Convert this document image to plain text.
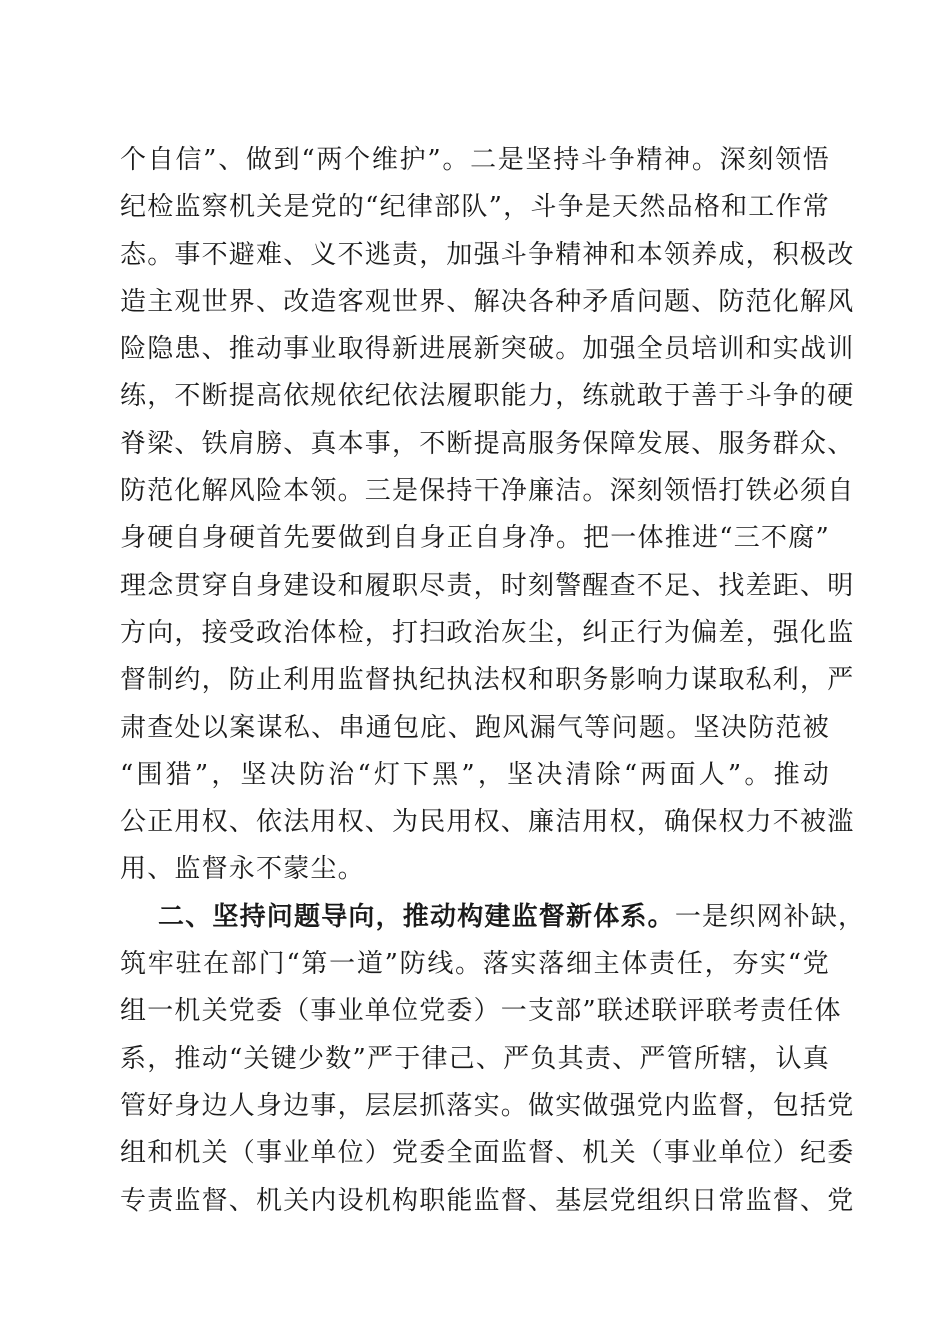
个自信”、做到“两个维护”。二是坚持斗争精神。深刻领悟
纪检监察机关是党的“纪律部队”，斗争是天然品格和工作常
态。事不避难、义不逃责，加强斗争精神和本领养成，积极改
造主观世界、改造客观世界、解决各种矛盾问题、防范化解风
险隐患、推动事业取得新进展新突破。加强全员培训和实战训
练，不断提高依规依纪依法履职能力，练就敢于善于斗争的硬
脊梁、铁肩膀、真本事，不断提高服务保障发展、服务群众、
防范化解风险本领。三是保持干净廉洁。深刻领悟打铁必须自
身硬自身硬首先要做到自身正自身净。把一体推进“三不腐”
理念贯穿自身建设和履职尽责，时刻警醒查不足、找差距、明
方向，接受政治体检，打扫政治灰尘，纠正行为偏差，强化监
督制约，防止利用监督执纪执法权和职务影响力谋取私利，严
肃查处以案谋私、串通包庇、跑风漏气等问题。坚决防范被
“围猎”，坚决防治“灯下黑”，坚决清除“两面人”。推动
公正用权、依法用权、为民用权、廉洁用权，确保权力不被滥
用、监督永不蒙尘。
二、坚持问题导向，推动构建监督新体系。一是织网补缺，
筑牢驻在部门“第一道”防线。落实落细主体责任，夯实“党
组一机关党委（事业单位党委）一支部”联述联评联考责任体
系，推动“关键少数”严于律己、严负其责、严管所辖，认真
管好身边人身边事，层层抓落实。做实做强党内监督，包括党
组和机关（事业单位）党委全面监督、机关（事业单位）纪委
专责监督、机关内设机构职能监督、基层党组织日常监督、党
